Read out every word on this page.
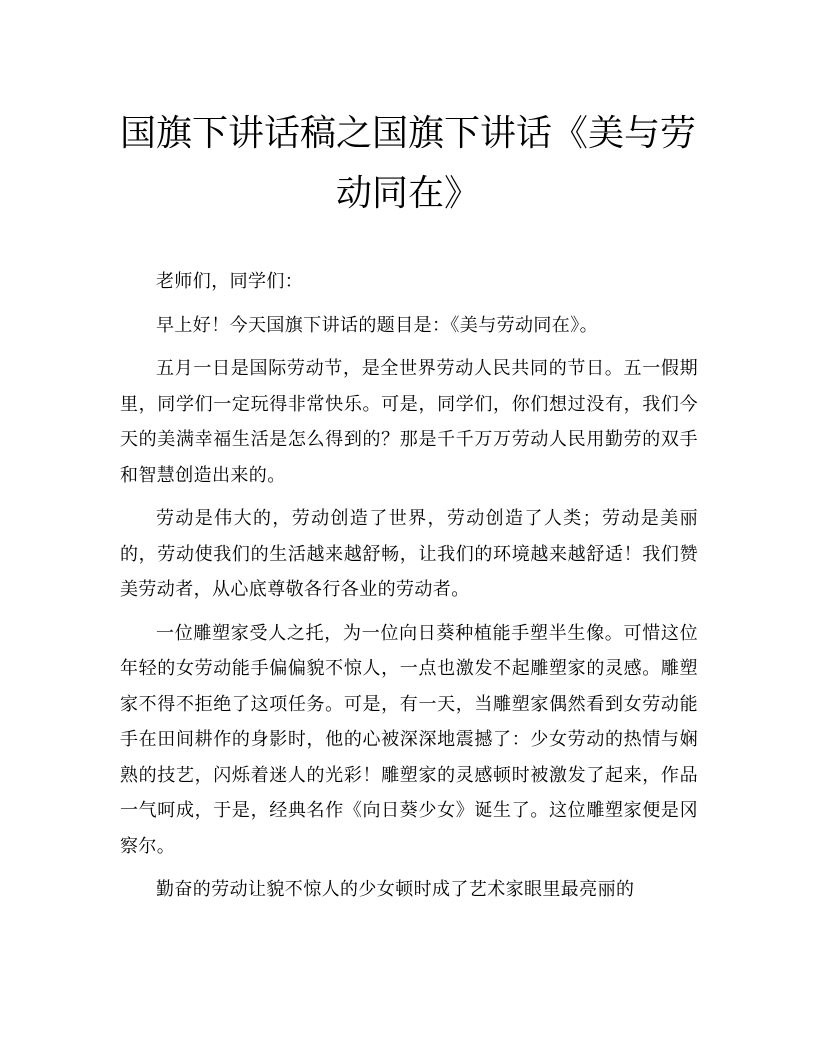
国旗下讲话稿之国旗下讲话《美与劳动同在》

老师们，同学们：

早上好！今天国旗下讲话的题目是：《美与劳动同在》。

五月一日是国际劳动节，是全世界劳动人民共同的节日。五一假期里，同学们一定玩得非常快乐。可是，同学们，你们想过没有，我们今天的美满幸福生活是怎么得到的？那是千千万万劳动人民用勤劳的双手和智慧创造出来的。

劳动是伟大的，劳动创造了世界，劳动创造了人类；劳动是美丽的，劳动使我们的生活越来越舒畅，让我们的环境越来越舒适！我们赞美劳动者，从心底尊敬各行各业的劳动者。

一位雕塑家受人之托，为一位向日葵种植能手塑半生像。可惜这位年轻的女劳动能手偏偏貌不惊人，一点也激发不起雕塑家的灵感。雕塑家不得不拒绝了这项任务。可是，有一天，当雕塑家偶然看到女劳动能手在田间耕作的身影时，他的心被深深地震撼了：少女劳动的热情与娴熟的技艺，闪烁着迷人的光彩！雕塑家的灵感顿时被激发了起来，作品一气呵成，于是，经典名作《向日葵少女》诞生了。这位雕塑家便是冈察尔。

勤奋的劳动让貌不惊人的少女顿时成了艺术家眼里最亮丽的
